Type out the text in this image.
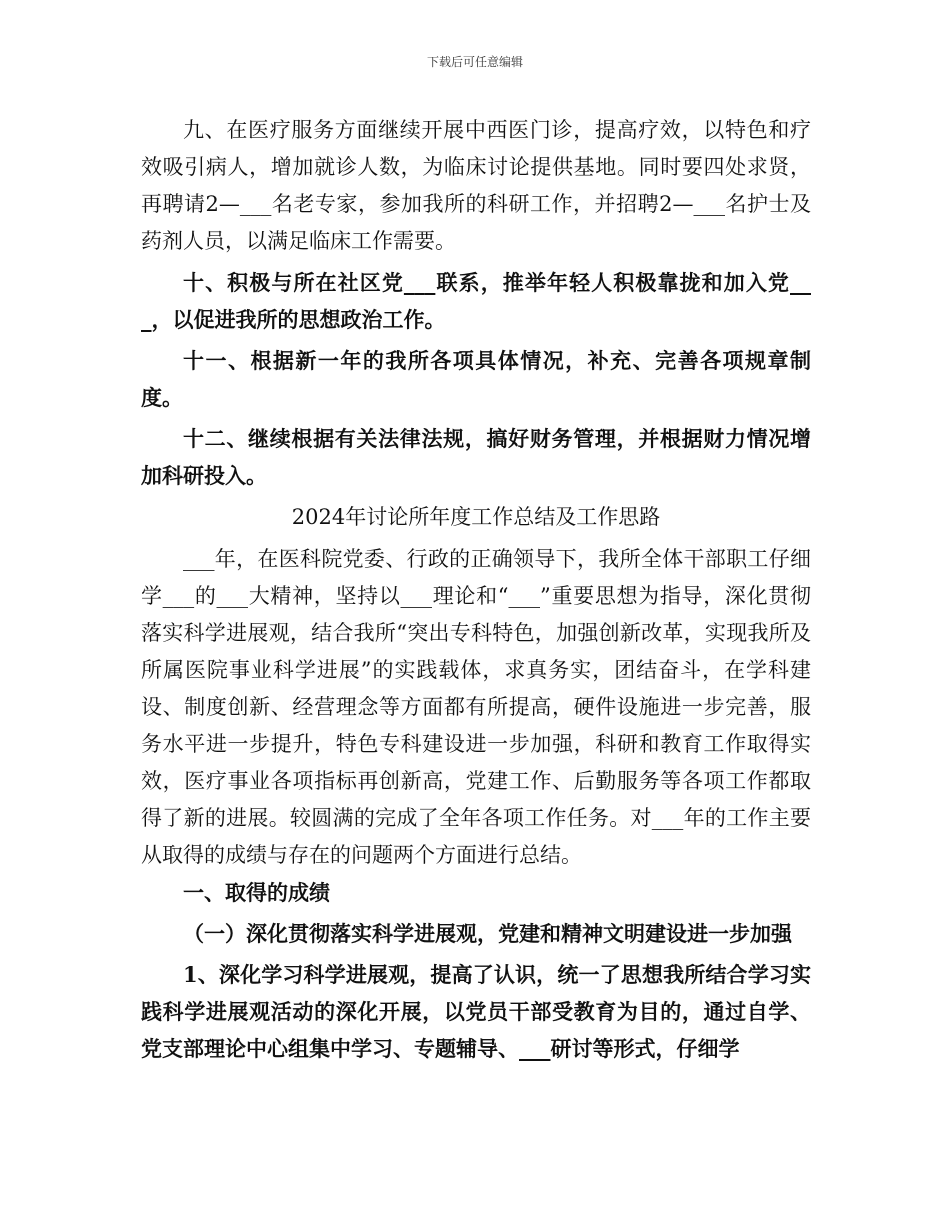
下载后可任意编辑

九、在医疗服务方面继续开展中西医门诊，提高疗效，以特色和疗效吸引病人，增加就诊人数，为临床讨论提供基地。同时要四处求贤，再聘请2—___名老专家，参加我所的科研工作，并招聘2—___名护士及药剂人员，以满足临床工作需要。

十、积极与所在社区党___联系，推举年轻人积极靠拢和加入党___，以促进我所的思想政治工作。

十一、根据新一年的我所各项具体情况，补充、完善各项规章制度。

十二、继续根据有关法律法规，搞好财务管理，并根据财力情况增加科研投入。

2024年讨论所年度工作总结及工作思路

___年，在医科院党委、行政的正确领导下，我所全体干部职工仔细学___的___大精神，坚持以___理论和“___”重要思想为指导，深化贯彻落实科学进展观，结合我所“突出专科特色，加强创新改革，实现我所及所属医院事业科学进展”的实践载体，求真务实，团结奋斗，在学科建设、制度创新、经营理念等方面都有所提高，硬件设施进一步完善，服务水平进一步提升，特色专科建设进一步加强，科研和教育工作取得实效，医疗事业各项指标再创新高，党建工作、后勤服务等各项工作都取得了新的进展。较圆满的完成了全年各项工作任务。对___年的工作主要从取得的成绩与存在的问题两个方面进行总结。

一、取得的成绩

（一）深化贯彻落实科学进展观，党建和精神文明建设进一步加强

1、深化学习科学进展观，提高了认识，统一了思想我所结合学习实践科学进展观活动的深化开展，以党员干部受教育为目的，通过自学、党支部理论中心组集中学习、专题辅导、___研讨等形式，仔细学
